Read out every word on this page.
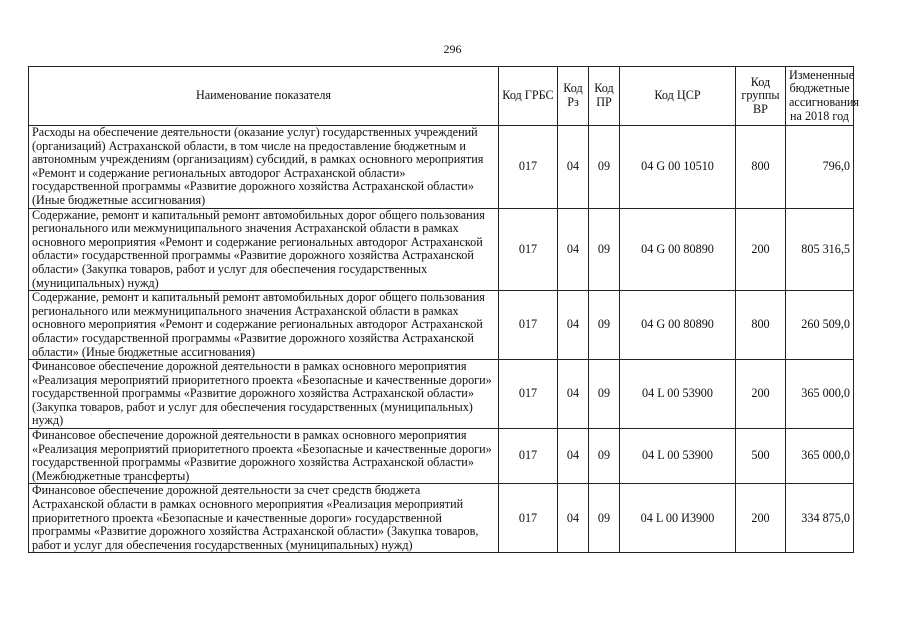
296
Наименование показателя	Код ГРБС	Код Рз	Код ПР	Код ЦСР	Код группы ВР	Измененные бюджетные ассигнования на 2018 год
Расходы на обеспечение деятельности (оказание услуг) государственных учреждений (организаций) Астраханской области, в том числе на предоставление бюджетным и автономным учреждениям (организациям) субсидий, в рамках основного мероприятия «Ремонт и содержание региональных автодорог Астраханской области» государственной программы «Развитие дорожного хозяйства Астраханской области» (Иные бюджетные ассигнования)	017	04	09	04 G 00 10510	800	796,0
Содержание, ремонт и капитальный ремонт автомобильных дорог общего пользования регионального или межмуниципального значения Астраханской области в рамках основного мероприятия «Ремонт и содержание региональных автодорог Астраханской области» государственной программы «Развитие дорожного хозяйства Астраханской области» (Закупка товаров, работ и услуг для обеспечения государственных (муниципальных) нужд)	017	04	09	04 G 00 80890	200	805 316,5
Содержание, ремонт и капитальный ремонт автомобильных дорог общего пользования регионального или межмуниципального значения Астраханской области в рамках основного мероприятия «Ремонт и содержание региональных автодорог Астраханской области» государственной программы «Развитие дорожного хозяйства Астраханской области» (Иные бюджетные ассигнования)	017	04	09	04 G 00 80890	800	260 509,0
Финансовое обеспечение дорожной деятельности в рамках основного мероприятия «Реализация мероприятий приоритетного проекта «Безопасные и качественные дороги» государственной программы «Развитие дорожного хозяйства Астраханской области» (Закупка товаров, работ и услуг для обеспечения государственных (муниципальных) нужд)	017	04	09	04 L 00 53900	200	365 000,0
Финансовое обеспечение дорожной деятельности в рамках основного мероприятия «Реализация мероприятий приоритетного проекта «Безопасные и качественные дороги» государственной программы «Развитие дорожного хозяйства Астраханской области» (Межбюджетные трансферты)	017	04	09	04 L 00 53900	500	365 000,0
Финансовое обеспечение дорожной деятельности за счет средств бюджета Астраханской области в рамках основного мероприятия «Реализация мероприятий приоритетного проекта «Безопасные и качественные дороги» государственной программы «Развитие дорожного хозяйства Астраханской области» (Закупка товаров, работ и услуг для обеспечения государственных (муниципальных) нужд)	017	04	09	04 L 00 И3900	200	334 875,0
